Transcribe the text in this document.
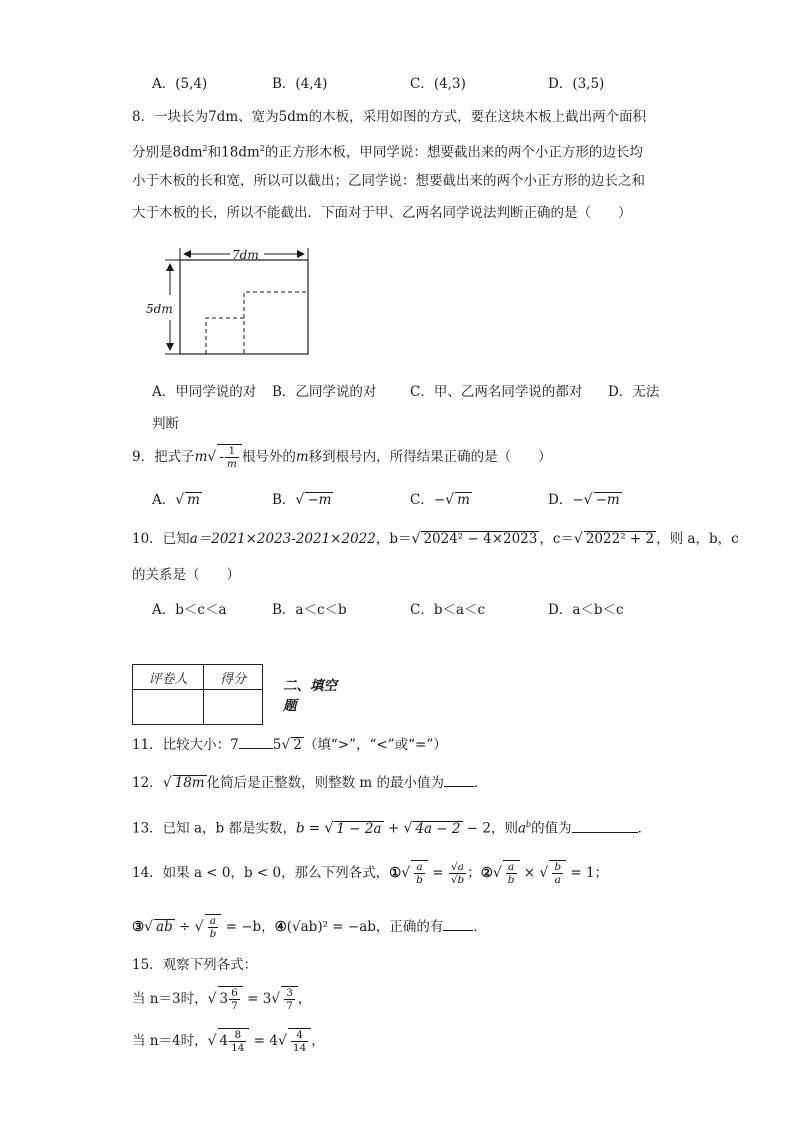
A．(5,4)	B．(4,4)	C．(4,3)	D．(3,5)
8．一块长为7dm、宽为5dm的木板，采用如图的方式，要在这块木板上截出两个面积
分别是$8dm^2$和$18dm^2$的正方形木板，甲同学说：想要截出来的两个小正方形的边长均
小于木板的长和宽，所以可以截出；乙同学说：想要截出来的两个小正方形的边长之和
大于木板的长，所以不能截出．下面对于甲、乙两名同学说法判断正确的是（　　）
7dm
5dm
A．甲同学说的对 B．乙同学说的对 C．甲、乙两名同学说的都对 D．无法
判断
9．把式子$m√ - \frac{1}{m}$ 根号外的m移到根号内，所得结果正确的是（　　）
A．√ m	B．√ −m	C．−√ m	D．−√ −m
10．已知a＝2021×2023-2021×2022，b＝√ 2024² − 4×2023 ，c＝√ 2022² + 2 ，则 a，b，c
的关系是（　　）
A．b＜c＜a	B．a＜c＜b	C．b＜a＜c	D．a＜b＜c
评卷人	得分
		二、填空题
11．比较大小：7	5√ 2 （填“>”，“<”或“=”）
12．√ 18m 化简后是正整数，则整数 m 的最小值为 ．
13．已知 a，b 都是实数，b = √ 1 − 2a + √ 4a − 2 − 2，则$a^b$的值为	．
14．如果 a < 0，b < 0，那么下列各式，①√ $\frac{a}{b} = \frac{√a}{√b}$ ；②√ $\frac{a}{b}$ × √ $\frac{b}{a} = 1$；
③√ ab ÷ √ $\frac{a}{b} = -b$，④(√ab)² = −ab，正确的有 ．
15．观察下列各式：
当 n＝3时，√ $3 \frac{6}{7} = 3√ \frac{3}{7}$ ，
当 n＝4时，√ $4 \frac{8}{14} = 4√ \frac{4}{14}$ ，
